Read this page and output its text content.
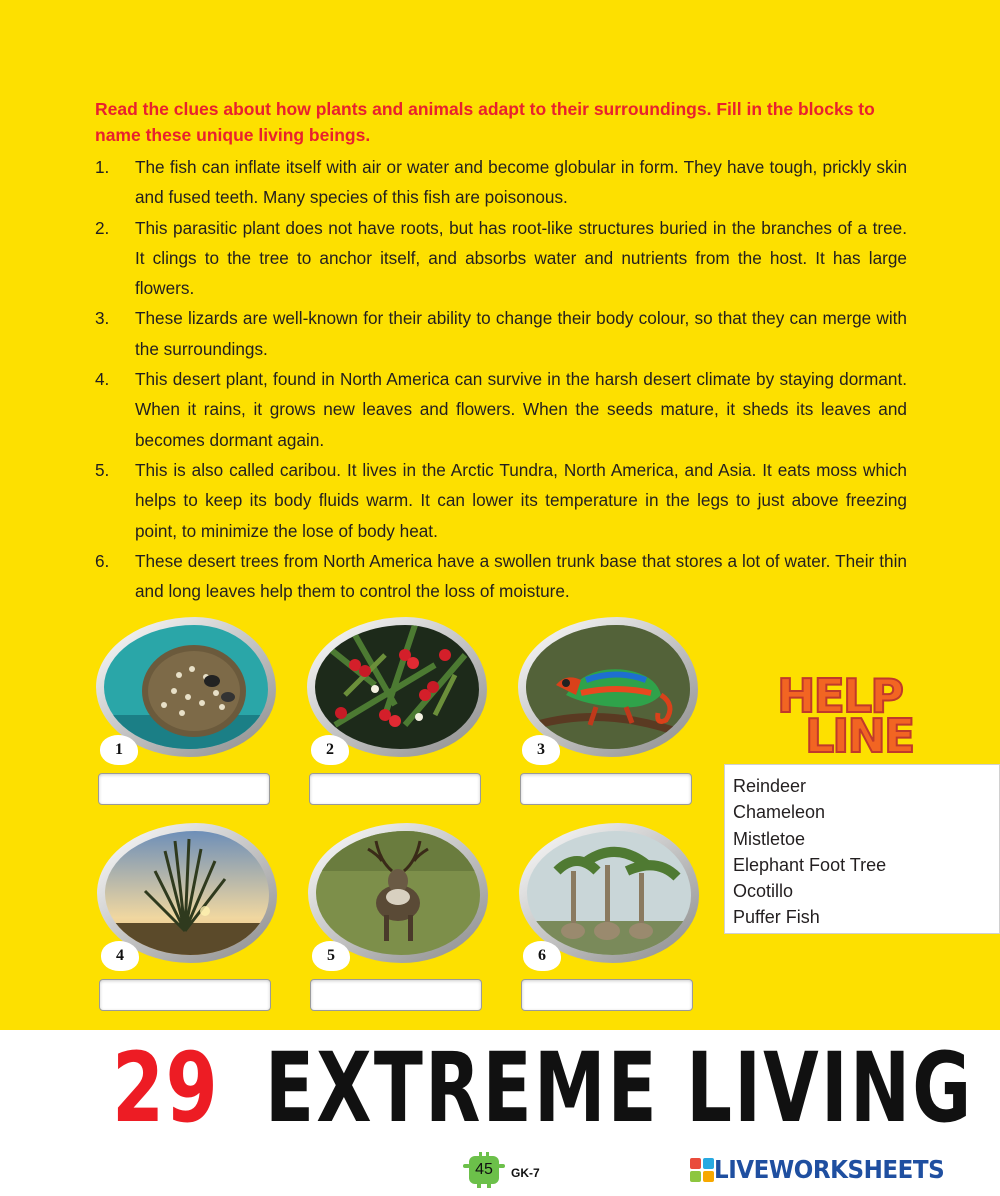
Read the clues about how plants and animals adapt to their surroundings. Fill in the blocks to name these unique living beings.

1. The fish can inflate itself with air or water and become globular in form. They have tough, prickly skin and fused teeth. Many species of this fish are poisonous.
2. This parasitic plant does not have roots, but has root-like structures buried in the branches of a tree. It clings to the tree to anchor itself, and absorbs water and nutrients from the host. It has large flowers.
3. These lizards are well-known for their ability to change their body colour, so that they can merge with the surroundings.
4. This desert plant, found in North America can survive in the harsh desert climate by staying dormant. When it rains, it grows new leaves and flowers. When the seeds mature, it sheds its leaves and becomes dormant again.
5. This is also called caribou. It lives in the Arctic Tundra, North America, and Asia. It eats moss which helps to keep its body fluids warm. It can lower its temperature in the legs to just above freezing point, to minimize the lose of body heat.
6. These desert trees from North America have a swollen trunk base that stores a lot of water. Their thin and long leaves help them to control the loss of moisture.
1	2	3
4	5	6
HELP
LINE
Reindeer
Chameleon
Mistletoe
Elephant Foot Tree
Ocotillo
Puffer Fish
29 EXTREME LIVING
45	GK-7	LIVEWORKSHEETS
